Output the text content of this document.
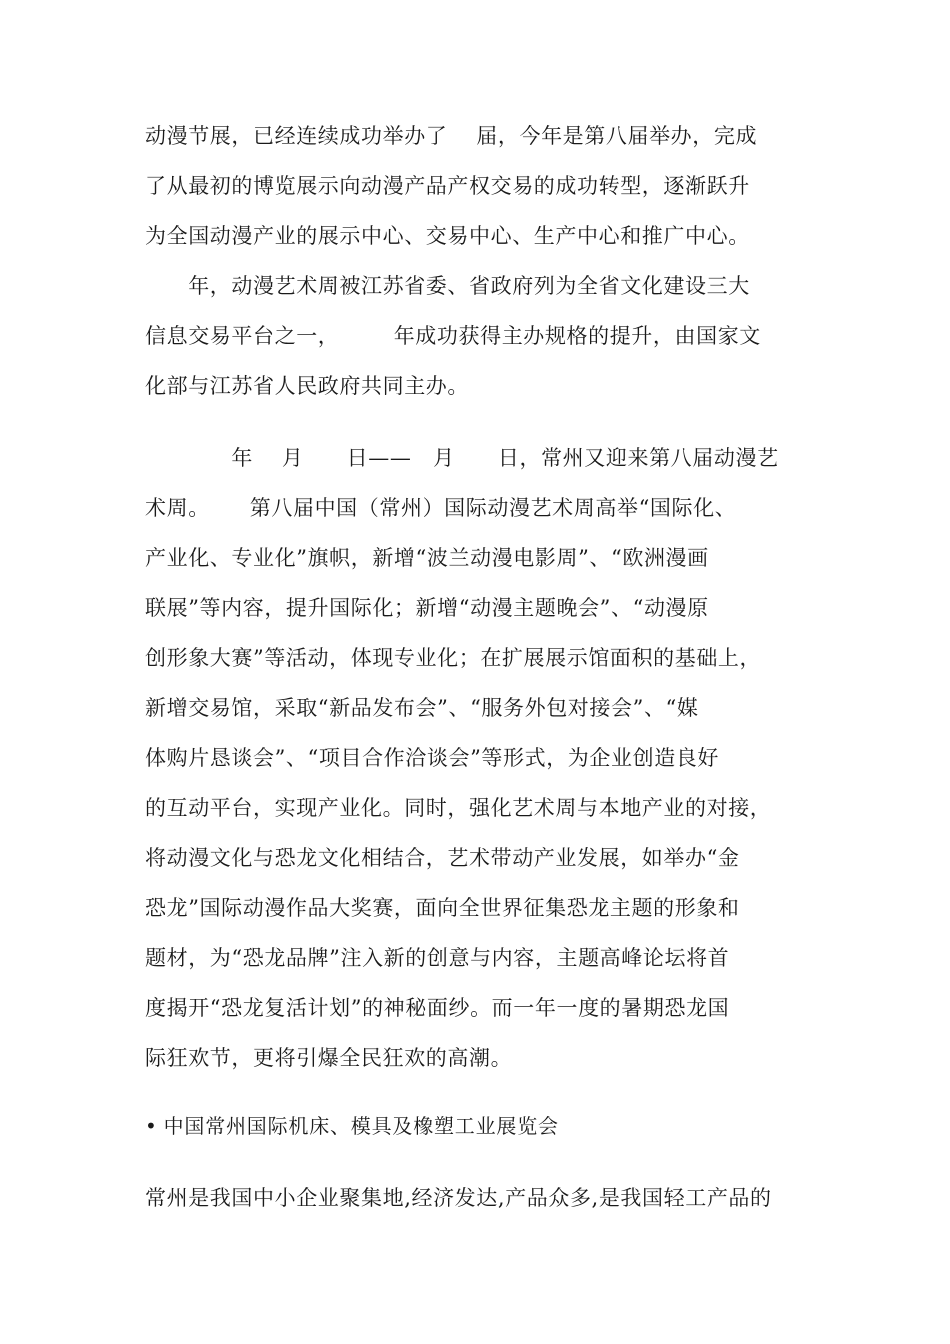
动漫节展，已经连续成功举办了　 届，今年是第八届举办，完成
了从最初的博览展示向动漫产品产权交易的成功转型，逐渐跃升
为全国动漫产业的展示中心、交易中心、生产中心和推广中心。
　　年，动漫艺术周被江苏省委、省政府列为全省文化建设三大
信息交易平台之一，　　　年成功获得主办规格的提升，由国家文
化部与江苏省人民政府共同主办。
　　　　年　 月　　日——　月　　日，常州又迎来第八届动漫艺
术周。　　 第八届中国（常州）国际动漫艺术周高举“国际化、
产业化、专业化”旗帜，新增“波兰动漫电影周”、“欧洲漫画
联展”等内容，提升国际化；新增“动漫主题晚会”、“动漫原
创形象大赛”等活动，体现专业化；在扩展展示馆面积的基础上，
新增交易馆，采取“新品发布会”、“服务外包对接会”、“媒
体购片恳谈会”、“项目合作洽谈会”等形式，为企业创造良好
的互动平台，实现产业化。同时，强化艺术周与本地产业的对接，
将动漫文化与恐龙文化相结合，艺术带动产业发展，如举办“金
恐龙”国际动漫作品大奖赛，面向全世界征集恐龙主题的形象和
题材，为“恐龙品牌”注入新的创意与内容，主题高峰论坛将首
度揭开“恐龙复活计划”的神秘面纱。而一年一度的暑期恐龙国
际狂欢节，更将引爆全民狂欢的高潮。
• 中国常州国际机床、模具及橡塑工业展览会
常州是我国中小企业聚集地,经济发达,产品众多,是我国轻工产品的
